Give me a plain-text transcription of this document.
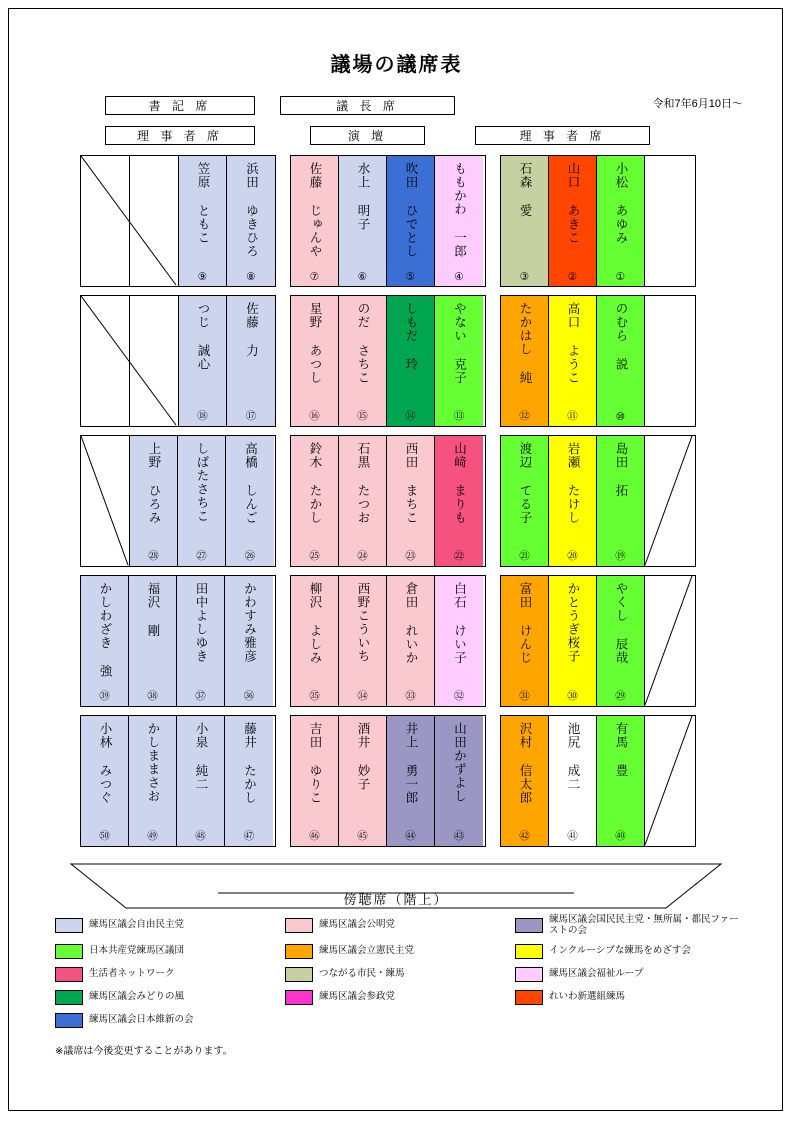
議場の議席表
令和7年6月10日～
書 記 席	議 長 席
理 事 者 席	演 壇	理 事 者 席
笠原 ともこ
⑨
浜田 ゆきひろ
⑧
佐藤 じゅんや
⑦
水上 明子
⑥
吹田 ひでとし
⑤
ももかわ 一郎
④
石森 愛
③
山口 あきこ
②
小松 あゆみ
①
つじ 誠心
⑱
佐藤 力
⑰
星野 あつし
⑯
のだ さちこ
⑮
しもだ 玲
⑭
やない 克子
⑬
たかはし 純
⑫
高口 ようこ
⑪
のむら 説
⑩
上野 ひろみ
㉘
しばたさちこ
㉗
高橋 しんご
㉖
鈴木 たかし
㉕
石黒 たつお
㉔
西田 まちこ
㉓
山﨑 まりも
㉒
渡辺 てる子
㉑
岩瀬 たけし
⑳
島田 拓
⑲
かしわざき 強
㊴
福沢 剛
㊳
田中よしゆき
㊲
かわすみ雅彦
㊱
柳沢 よしみ
㉟
西野こういち
㉞
倉田 れいか
㉝
白石 けい子
㉜
富田 けんじ
㉛
かとうぎ桜子
㉚
やくし 辰哉
㉙
小林 みつぐ
㊿
かしままさお
㊾
小泉 純二
㊽
藤井 たかし
㊼
吉田 ゆりこ
㊻
酒井 妙子
㊺
井上 勇一郎
㊹
山田かずよし
㊸
沢村 信太郎
㊷
池尻 成二
㊶
有馬 豊
㊵
傍聴席（階上）
練馬区議会自由民主党	練馬区議会公明党	練馬区議会国民民主党・無所属・都民ファーストの会
日本共産党練馬区議団	練馬区議会立憲民主党	インクルーシブな練馬をめざす会
生活者ネットワーク	つながる市民・練馬	練馬区議会福祉ループ
練馬区議会みどりの風	練馬区議会参政党	れいわ新選組練馬
練馬区議会日本維新の会
※議席は今後変更することがあります。
